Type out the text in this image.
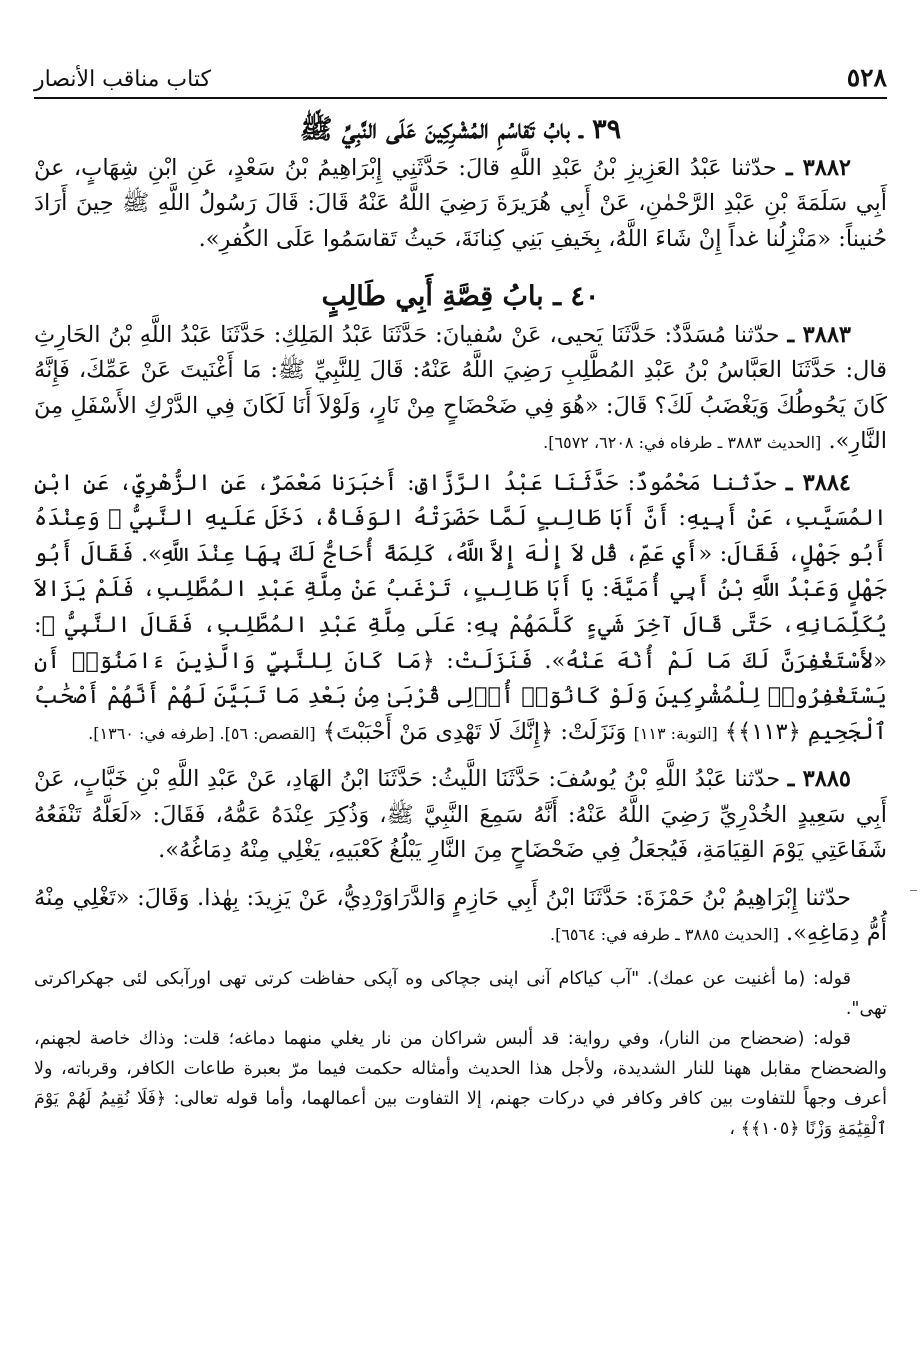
٥٢٨
كتاب مناقب الأنصار

٣٩ ـ بابُ تَقاسُمِ المُشْرِكِينَ عَلَى النَّبِيِّ ﷺ

٣٨٨٢ ـ حدّثنا عَبْدُ العَزِيزِ بْنُ عَبْدِ اللَّهِ قالَ: حَدَّثَنِي إِبْرَاهِيمُ بْنُ سَعْدٍ، عَنِ ابْنِ شِهَابٍ، عنْ أَبِي سَلَمَةَ بْنِ عَبْدِ الرَّحْمٰنِ، عَنْ أَبِي هُرَيرَةَ رَضِيَ اللَّهُ عَنْهُ قَالَ: قَالَ رَسُولُ اللَّهِ ﷺ حِينَ أَرَادَ حُنيناً: «مَنْزِلُنا غداً إِنْ شَاءَ اللَّهُ، بِخَيفِ بَنِي كِنانَةَ، حَيثُ تَقاسَمُوا عَلَى الكُفرِ».

٤٠ ـ بابُ قِصَّةِ أَبِي طَالِبٍ

٣٨٨٣ ـ حدّثنا مُسَدَّدٌ: حَدَّثَنَا يَحيى، عَنْ سُفيانَ: حَدَّثَنَا عَبْدُ المَلِكِ: حَدَّثَنَا عَبْدُ اللَّهِ بْنُ الحَارِثِ قال: حَدَّثَنَا العَبَّاسُ بْنُ عَبْدِ المُطَّلِبِ رَضِيَ اللَّهُ عَنْهُ: قَالَ لِلنَّبِيِّ ﷺ: مَا أَغْنَيتَ عَنْ عَمِّكَ، فَإِنَّهُ كَانَ يَحُوطُكَ وَيَغْضَبُ لَكَ؟ قَالَ: «هُوَ فِي ضَحْضَاحٍ مِنْ نَارٍ، وَلَوْلاَ أَنَا لَكَانَ فِي الدَّرْكِ الأَسْفَلِ مِنَ النَّارِ». [الحديث ٣٨٨٣ ـ طرفاه في: ٦٢٠٨، ٦٥٧٢].

٣٨٨٤ ـ حدّثنا مَحْمُودٌ: حَدَّثَنَا عَبْدُ الرَّزَّاقِ: أَخبَرَنا مَعْمَرٌ، عَنِ الزُّهْرِيِّ، عَنِ ابْنِ المُسَيَّبِ، عَنْ أَبِيهِ: أَنَّ أَبَا طَالِبٍ لَمَّا حَضَرَتْهُ الوَفَاةُ، دَخَلَ عَلَيهِ النَّبِيُّ ﷺ وَعِنْدَهُ أَبُو جَهْلٍ، فَقَالَ: «أَي عَمِّ، قُل لاَ إِلٰهَ إِلاَّ اللَّهُ، كَلِمَةً أُحَاجُّ لَكَ بِهَا عِنْدَ اللَّهِ». فَقَالَ أَبُو جَهْلٍ وَعَبْدُ اللَّهِ بْنُ أَبِي أُمَيَّةَ: يَا أَبَا طَالِبٍ، تَرْغَبُ عَنْ مِلَّةِ عَبْدِ المُطَّلِبِ، فَلَمْ يَزَالاَ يُكَلِّمَانِهِ، حَتَّى قَالَ آخِرَ شَيءٍ كَلَّمَهُمْ بِهِ: عَلَى مِلَّةِ عَبْدِ المُطَّلِبِ، فَقَالَ النَّبِيُّ ﷺ: «لأَسْتَغْفِرَنَّ لَكَ مَا لَمْ أُنْهَ عَنْهُ». فَنَزَلَتْ: ﴿مَا كَانَ لِلنَّبِيِّ وَالَّذِينَ ءَامَنُوٓا۟ أَن يَسْتَغْفِرُوا۟ لِلْمُشْرِكِينَ وَلَوْ كَانُوٓا۟ أُو۟لِى قُرْبَىٰ مِنۢ بَعْدِ مَا تَبَيَّنَ لَهُمْ أَنَّهُمْ أَصْحَٰبُ ٱلْجَحِيمِ ﴿١١٣﴾﴾ [التوبة: ١١٣] وَنَزَلَتْ: ﴿إِنَّكَ لَا تَهْدِى مَنْ أَحْبَبْتَ﴾ [القصص: ٥٦]. [طرفه في: ١٣٦٠].

٣٨٨٥ ـ حدّثنا عَبْدُ اللَّهِ بْنُ يُوسُفَ: حَدَّثَنَا اللَّيثُ: حَدَّثَنَا ابْنُ الهَادِ، عَنْ عَبْدِ اللَّهِ بْنِ خَبَّابٍ، عَنْ أَبِي سَعِيدٍ الخُدْرِيِّ رَضِيَ اللَّهُ عَنْهُ: أَنَّهُ سَمِعَ النَّبِيَّ ﷺ، وَذُكِرَ عِنْدَهُ عَمُّهُ، فَقَالَ: «لَعَلَّهُ تَنْفَعُهُ شَفَاعَتِي يَوْمَ القِيَامَةِ، فَيُجعَلُ فِي ضَحْضَاحٍ مِنَ النَّارِ يَبْلُغُ كَعْبَيهِ، يَغْلِي مِنْهُ دِمَاغُهُ».

حدّثنا إِبْرَاهِيمُ بْنُ حَمْزَةَ: حَدَّثَنَا ابْنُ أَبِي حَازِمٍ وَالدَّرَاوَرْدِيُّ، عَنْ يَزِيدَ: بِهٰذا. وَقَالَ: «تَغْلِي مِنْهُ أُمُّ دِمَاغِهِ». [الحديث ٣٨٨٥ ـ طرفه في: ٦٥٦٤].

قوله: (ما أغنيت عن عمك). "آب كياكام آنى اپنى جچاكى وه آپكى حفاظت كرتى تهى اورآبكى لئى جهكراكرتى تهى".

قوله: (ضحضاح من النار)، وفي رواية: قد ألبس شراكان من نار يغلي منهما دماغه؛ قلت: وذاك خاصة لجهنم، والضحضاح مقابل ههنا للنار الشديدة، ولأجل هذا الحديث وأمثاله حكمت فيما مرّ بعبرة طاعات الكافر، وقرباته، ولا أعرف وجهاً للتفاوت بين كافر وكافر في دركات جهنم، إلا التفاوت بين أعمالهما، وأما قوله تعالى: ﴿فَلَا نُقِيمُ لَهُمْ يَوْمَ ٱلْقِيَٰمَةِ وَزْنًا ﴿١٠٥﴾﴾ ،
